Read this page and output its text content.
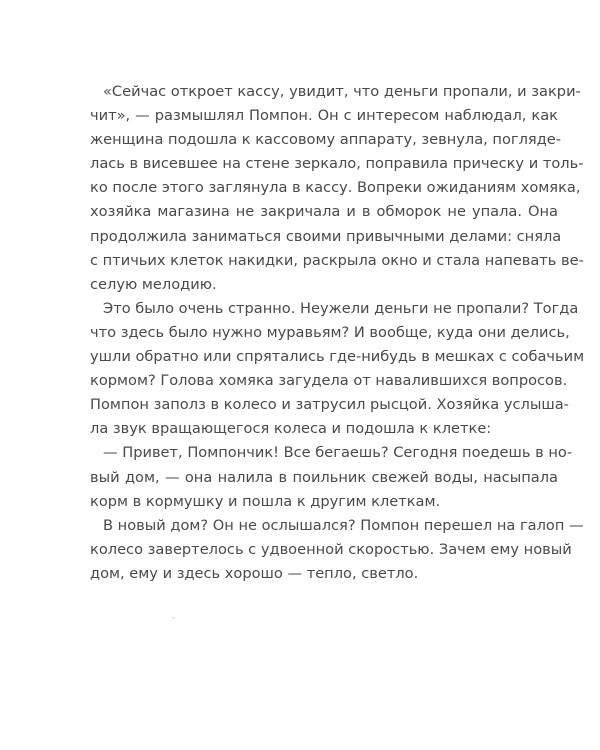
«Сейчас откроет кассу, увидит, что деньги пропали, и закри-
чит», — размышлял Помпон. Он с интересом наблюдал, как
женщина подошла к кассовому аппарату, зевнула, погляде-
лась в висевшее на стене зеркало, поправила прическу и толь-
ко после этого заглянула в кассу. Вопреки ожиданиям хомяка,
хозяйка магазина не закричала и в обморок не упала. Она
продолжила заниматься своими привычными делами: сняла
с птичьих клеток накидки, раскрыла окно и стала напевать ве-
селую мелодию.
Это было очень странно. Неужели деньги не пропали? Тогда
что здесь было нужно муравьям? И вообще, куда они делись,
ушли обратно или спрятались где-нибудь в мешках с собачьим
кормом? Голова хомяка загудела от навалившихся вопросов.
Помпон заполз в колесо и затрусил рысцой. Хозяйка услыша-
ла звук вращающегося колеса и подошла к клетке:
— Привет, Помпончик! Все бегаешь? Сегодня поедешь в но-
вый дом, — она налила в поильник свежей воды, насыпала
корм в кормушку и пошла к другим клеткам.
В новый дом? Он не ослышался? Помпон перешел на галоп —
колесо завертелось с удвоенной скоростью. Зачем ему новый
дом, ему и здесь хорошо — тепло, светло.
